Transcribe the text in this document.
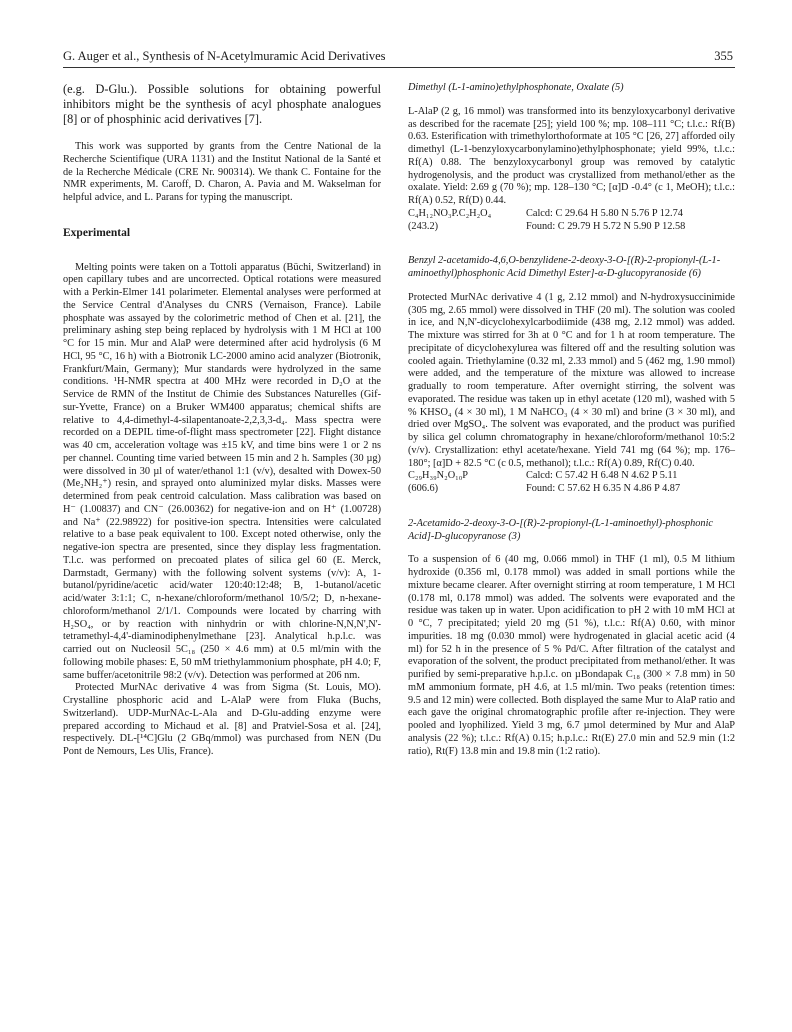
G. Auger et al., Synthesis of N-Acetylmuramic Acid Derivatives	355

(e.g. D-Glu.). Possible solutions for obtaining powerful inhibitors might be the synthesis of acyl phosphate analogues [8] or of phosphinic acid derivatives [7].

This work was supported by grants from the Centre National de la Recherche Scientifique (URA 1131) and the Institut National de la Santé et de la Recherche Médicale (CRE Nr. 900314). We thank C. Fontaine for the NMR experiments, M. Caroff, D. Charon, A. Pavia and M. Wakselman for helpful advice, and L. Parans for typing the manuscript.

Experimental

Melting points were taken on a Tottoli apparatus (Büchi, Switzerland) in open capillary tubes and are uncorrected. Optical rotations were measured with a Perkin-Elmer 141 polarimeter. Elemental analyses were performed at the Service Central d'Analyses du CNRS (Vernaison, France). Labile phosphate was assayed by the colorimetric method of Chen et al. [21], the preliminary ashing step being replaced by hydrolysis with 1 M HCl at 100 °C for 15 min. Mur and AlaP were determined after acid hydrolysis (6 M HCl, 95 °C, 16 h) with a Biotronik LC-2000 amino acid analyzer (Biotronik, Frankfurt/Main, Germany); Mur standards were hydrolyzed in the same conditions. ¹H-NMR spectra at 400 MHz were recorded in D₂O at the Service de RMN of the Institut de Chimie des Substances Naturelles (Gif-sur-Yvette, France) on a Bruker WM400 apparatus; chemical shifts are relative to 4,4-dimethyl-4-silapentanoate-2,2,3,3-d₄. Mass spectra were recorded on a DEPIL time-of-flight mass spectrometer [22]. Flight distance was 40 cm, acceleration voltage was ±15 kV, and time bins were 1 or 2 ns per channel. Counting time varied between 15 min and 2 h. Samples (30 µg) were dissolved in 30 µl of water/ethanol 1:1 (v/v), desalted with Dowex-50 (Me₂NH₂⁺) resin, and sprayed onto aluminized mylar disks. Masses were determined from peak centroid calculation. Mass calibration was based on H⁻ (1.00837) and CN⁻ (26.00362) for negative-ion and on H⁺ (1.00728) and Na⁺ (22.98922) for positive-ion spectra. Intensities were calculated relative to a base peak equivalent to 100. Except noted otherwise, only the negative-ion spectra are presented, since they display less fragmentation. T.l.c. was performed on precoated plates of silica gel 60 (E. Merck, Darmstadt, Germany) with the following solvent systems (v/v): A, 1-butanol/pyridine/acetic acid/water 120:40:12:48; B, 1-butanol/acetic acid/water 3:1:1; C, n-hexane/chloroform/methanol 10/5/2; D, n-hexane-chloroform/methanol 2/1/1. Compounds were located by charring with H₂SO₄, or by reaction with ninhydrin or with chlorine-N,N,N',N'-tetramethyl-4,4'-diaminodiphenylmethane [23]. Analytical h.p.l.c. was carried out on Nucleosil 5C₁₈ (250 × 4.6 mm) at 0.5 ml/min with the following mobile phases: E, 50 mM triethylammonium phosphate, pH 4.0; F, same buffer/acetonitrile 98:2 (v/v). Detection was performed at 206 nm.

Protected MurNAc derivative 4 was from Sigma (St. Louis, MO). Crystalline phosphoric acid and L-AlaP were from Fluka (Buchs, Switzerland). UDP-MurNAc-L-Ala and D-Glu-adding enzyme were prepared according to Michaud et al. [8] and Pratviel-Sosa et al. [24], respectively. DL-[¹⁴C]Glu (2 GBq/mmol) was purchased from NEN (Du Pont de Nemours, Les Ulis, France).

Dimethyl (L-1-amino)ethylphosphonate, Oxalate (5)

L-AlaP (2 g, 16 mmol) was transformed into its benzyloxycarbonyl derivative as described for the racemate [25]; yield 100 %; mp. 108–111 °C; t.l.c.: Rf(B) 0.63. Esterification with trimethylorthoformate at 105 °C [26, 27] afforded oily dimethyl (L-1-benzyloxycarbonylamino)ethylphosphonate; yield 99%, t.l.c.: Rf(A) 0.88. The benzyloxycarbonyl group was removed by catalytic hydrogenolysis, and the product was crystallized from methanol/ether as the oxalate. Yield: 2.69 g (70 %); mp. 128–130 °C; [α]D -0.4° (c 1, MeOH); t.l.c.: Rf(A) 0.52, Rf(D) 0.44.

C₄H₁₂NO₃P.C₂H₂O₄	Calcd: C 29.64 H 5.80 N 5.76 P 12.74
(243.2)	Found: C 29.79 H 5.72 N 5.90 P 12.58

Benzyl 2-acetamido-4,6,O-benzylidene-2-deoxy-3-O-[(R)-2-propionyl-(L-1-aminoethyl)phosphonic Acid Dimethyl Ester]-α-D-glucopyranoside (6)

Protected MurNAc derivative 4 (1 g, 2.12 mmol) and N-hydroxysuccinimide (305 mg, 2.65 mmol) were dissolved in THF (20 ml). The solution was cooled in ice, and N,N'-dicyclohexylcarbodiimide (438 mg, 2.12 mmol) was added. The mixture was stirred for 3h at 0 °C and for 1 h at room temperature. The precipitate of dicyclohexylurea was filtered off and the resulting solution was cooled again. Triethylamine (0.32 ml, 2.33 mmol) and 5 (462 mg, 1.90 mmol) were added, and the temperature of the mixture was allowed to increase gradually to room temperature. After overnight stirring, the solvent was evaporated. The residue was taken up in ethyl acetate (120 ml), washed with 5 % KHSO₄ (4 × 30 ml), 1 M NaHCO₃ (4 × 30 ml) and brine (3 × 30 ml), and dried over MgSO₄. The solvent was evaporated, and the product was purified by silica gel column chromatography in hexane/chloroform/methanol 10:5:2 (v/v). Crystallization: ethyl acetate/hexane. Yield 741 mg (64 %); mp. 176–180°; [α]D + 82.5 °C (c 0.5, methanol); t.l.c.: Rf(A) 0.89, Rf(C) 0.40.

C₂₉H₃₉N₂O₁₀P	Calcd: C 57.42 H 6.48 N 4.62 P 5.11
(606.6)	Found: C 57.62 H 6.35 N 4.86 P 4.87

2-Acetamido-2-deoxy-3-O-[(R)-2-propionyl-(L-1-aminoethyl)-phosphonic Acid]-D-glucopyranose (3)

To a suspension of 6 (40 mg, 0.066 mmol) in THF (1 ml), 0.5 M lithium hydroxide (0.356 ml, 0.178 mmol) was added in small portions while the mixture became clearer. After overnight stirring at room temperature, 1 M HCl (0.178 ml, 0.178 mmol) was added. The solvents were evaporated and the residue was taken up in water. Upon acidification to pH 2 with 10 mM HCl at 0 °C, 7 precipitated; yield 20 mg (51 %), t.l.c.: Rf(A) 0.60, with minor impurities. 18 mg (0.030 mmol) were hydrogenated in glacial acetic acid (4 ml) for 52 h in the presence of 5 % Pd/C. After filtration of the catalyst and evaporation of the solvent, the product precipitated from methanol/ether. It was purified by semi-preparative h.p.l.c. on µBondapak C₁₈ (300 × 7.8 mm) in 50 mM ammonium formate, pH 4.6, at 1.5 ml/min. Two peaks (retention times: 9.5 and 12 min) were collected. Both displayed the same Mur to AlaP ratio and each gave the original chromatographic profile after re-injection. They were pooled and lyophilized. Yield 3 mg, 6.7 µmol determined by Mur and AlaP analysis (22 %); t.l.c.: Rf(A) 0.15; h.p.l.c.: Rt(E) 27.0 min and 52.9 min (1:2 ratio), Rt(F) 13.8 min and 19.8 min (1:2 ratio).
